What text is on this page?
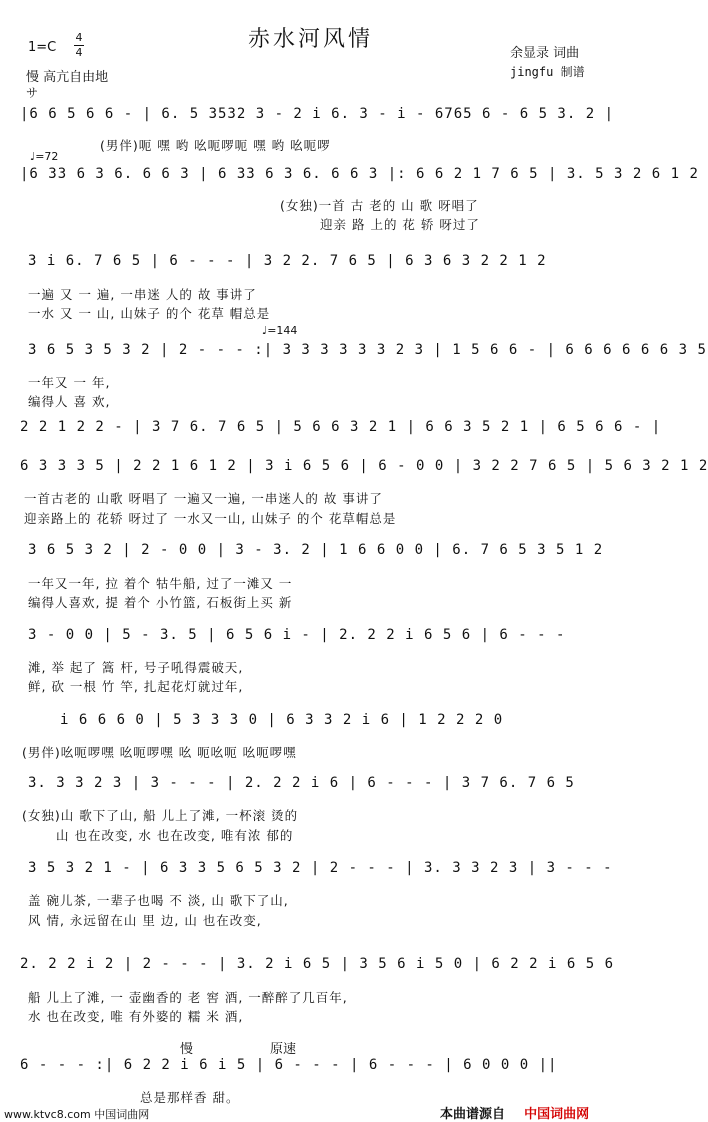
赤水河风情
1=C
4
4
慢 高亢自由地
サ
余显录 词曲
jingfu 制谱
|6 6 5 6 6 - | 6. 5 3532 3 - 2 i 6. 3 - i - 6765 6 - 6 5 3. 2 |
(男伴)呃 嘿 哟 吆呃啰呃 嘿 哟 吆呃啰
♩=72
|6 33 6 3 6. 6 6 3 | 6 33 6 3 6. 6 6 3 |: 6 6 2 1 7 6 5 | 3. 5 3 2 6 1 2
(女独)一首 古 老的 山 歌 呀唱了
迎亲 路 上的 花 轿 呀过了
3 i 6. 7 6 5 | 6 - - - | 3 2 2. 7 6 5 | 6 3 6 3 2 2 1 2
一遍 又 一 遍, 一串迷 人的 故 事讲了
一水 又 一 山, 山妹子 的个 花草 帽总是
♩=144
3 6 5 3 5 3 2 | 2 - - - :| 3 3 3 3 3 3 2 3 | 1 5 6 6 - | 6 6 6 6 6 6 3 5
一年又 一 年,
编得人 喜 欢,
2 2 1 2 2 - | 3 7 6. 7 6 5 | 5 6 6 3 2 1 | 6 6 3 5 2 1 | 6 5 6 6 - |
6 3 3 3 5 | 2 2 1 6 1 2 | 3 i 6 5 6 | 6 - 0 0 | 3 2 2 7 6 5 | 5 6 3 2 1 2
一首古老的 山歌 呀唱了 一遍又一遍, 一串迷人的 故 事讲了
迎亲路上的 花轿 呀过了 一水又一山, 山妹子 的个 花草帽总是
3 6 5 3 2 | 2 - 0 0 | 3 - 3. 2 | 1 6 6 0 0 | 6. 7 6 5 3 5 1 2
一年又一年, 拉 着个 牯牛船, 过了一滩又 一
编得人喜欢, 提 着个 小竹篮, 石板街上买 新
3 - 0 0 | 5 - 3. 5 | 6 5 6 i - | 2. 2 2 i 6 5 6 | 6 - - -
滩, 举 起了 篙 杆, 号子吼得震破天,
鲜, 砍 一根 竹 竿, 扎起花灯就过年,
i 6 6 6 0 | 5 3 3 3 0 | 6 3 3 2 i 6 | 1 2 2 2 0
(男伴)吆呃啰嘿 吆呃啰嘿 吆 呃吆呃 吆呃啰嘿
3. 3 3 2 3 | 3 - - - | 2. 2 2 i 6 | 6 - - - | 3 7 6. 7 6 5
(女独)山 歌下了山, 船 儿上了滩, 一杯滚 烫的
山 也在改变, 水 也在改变, 唯有浓 郁的
3 5 3 2 1 - | 6 3 3 5 6 5 3 2 | 2 - - - | 3. 3 3 2 3 | 3 - - -
盖 碗儿茶, 一辈子也喝 不 淡, 山 歌下了山,
风 情, 永远留在山 里 边, 山 也在改变,
2. 2 2 i 2 | 2 - - - | 3. 2 i 6 5 | 3 5 6 i 5 0 | 6 2 2 i 6 5 6
船 儿上了滩, 一 壶幽香的 老 窖 酒, 一醉醉了几百年,
水 也在改变, 唯 有外婆的 糯 米 酒,
慢	原速
6 - - - :| 6 2 2 i 6 i 5 | 6 - - - | 6 - - - | 6 0 0 0 ||
总是那样香 甜。
www.ktvc8.com 中国词曲网	本曲谱源自 中国词曲网
